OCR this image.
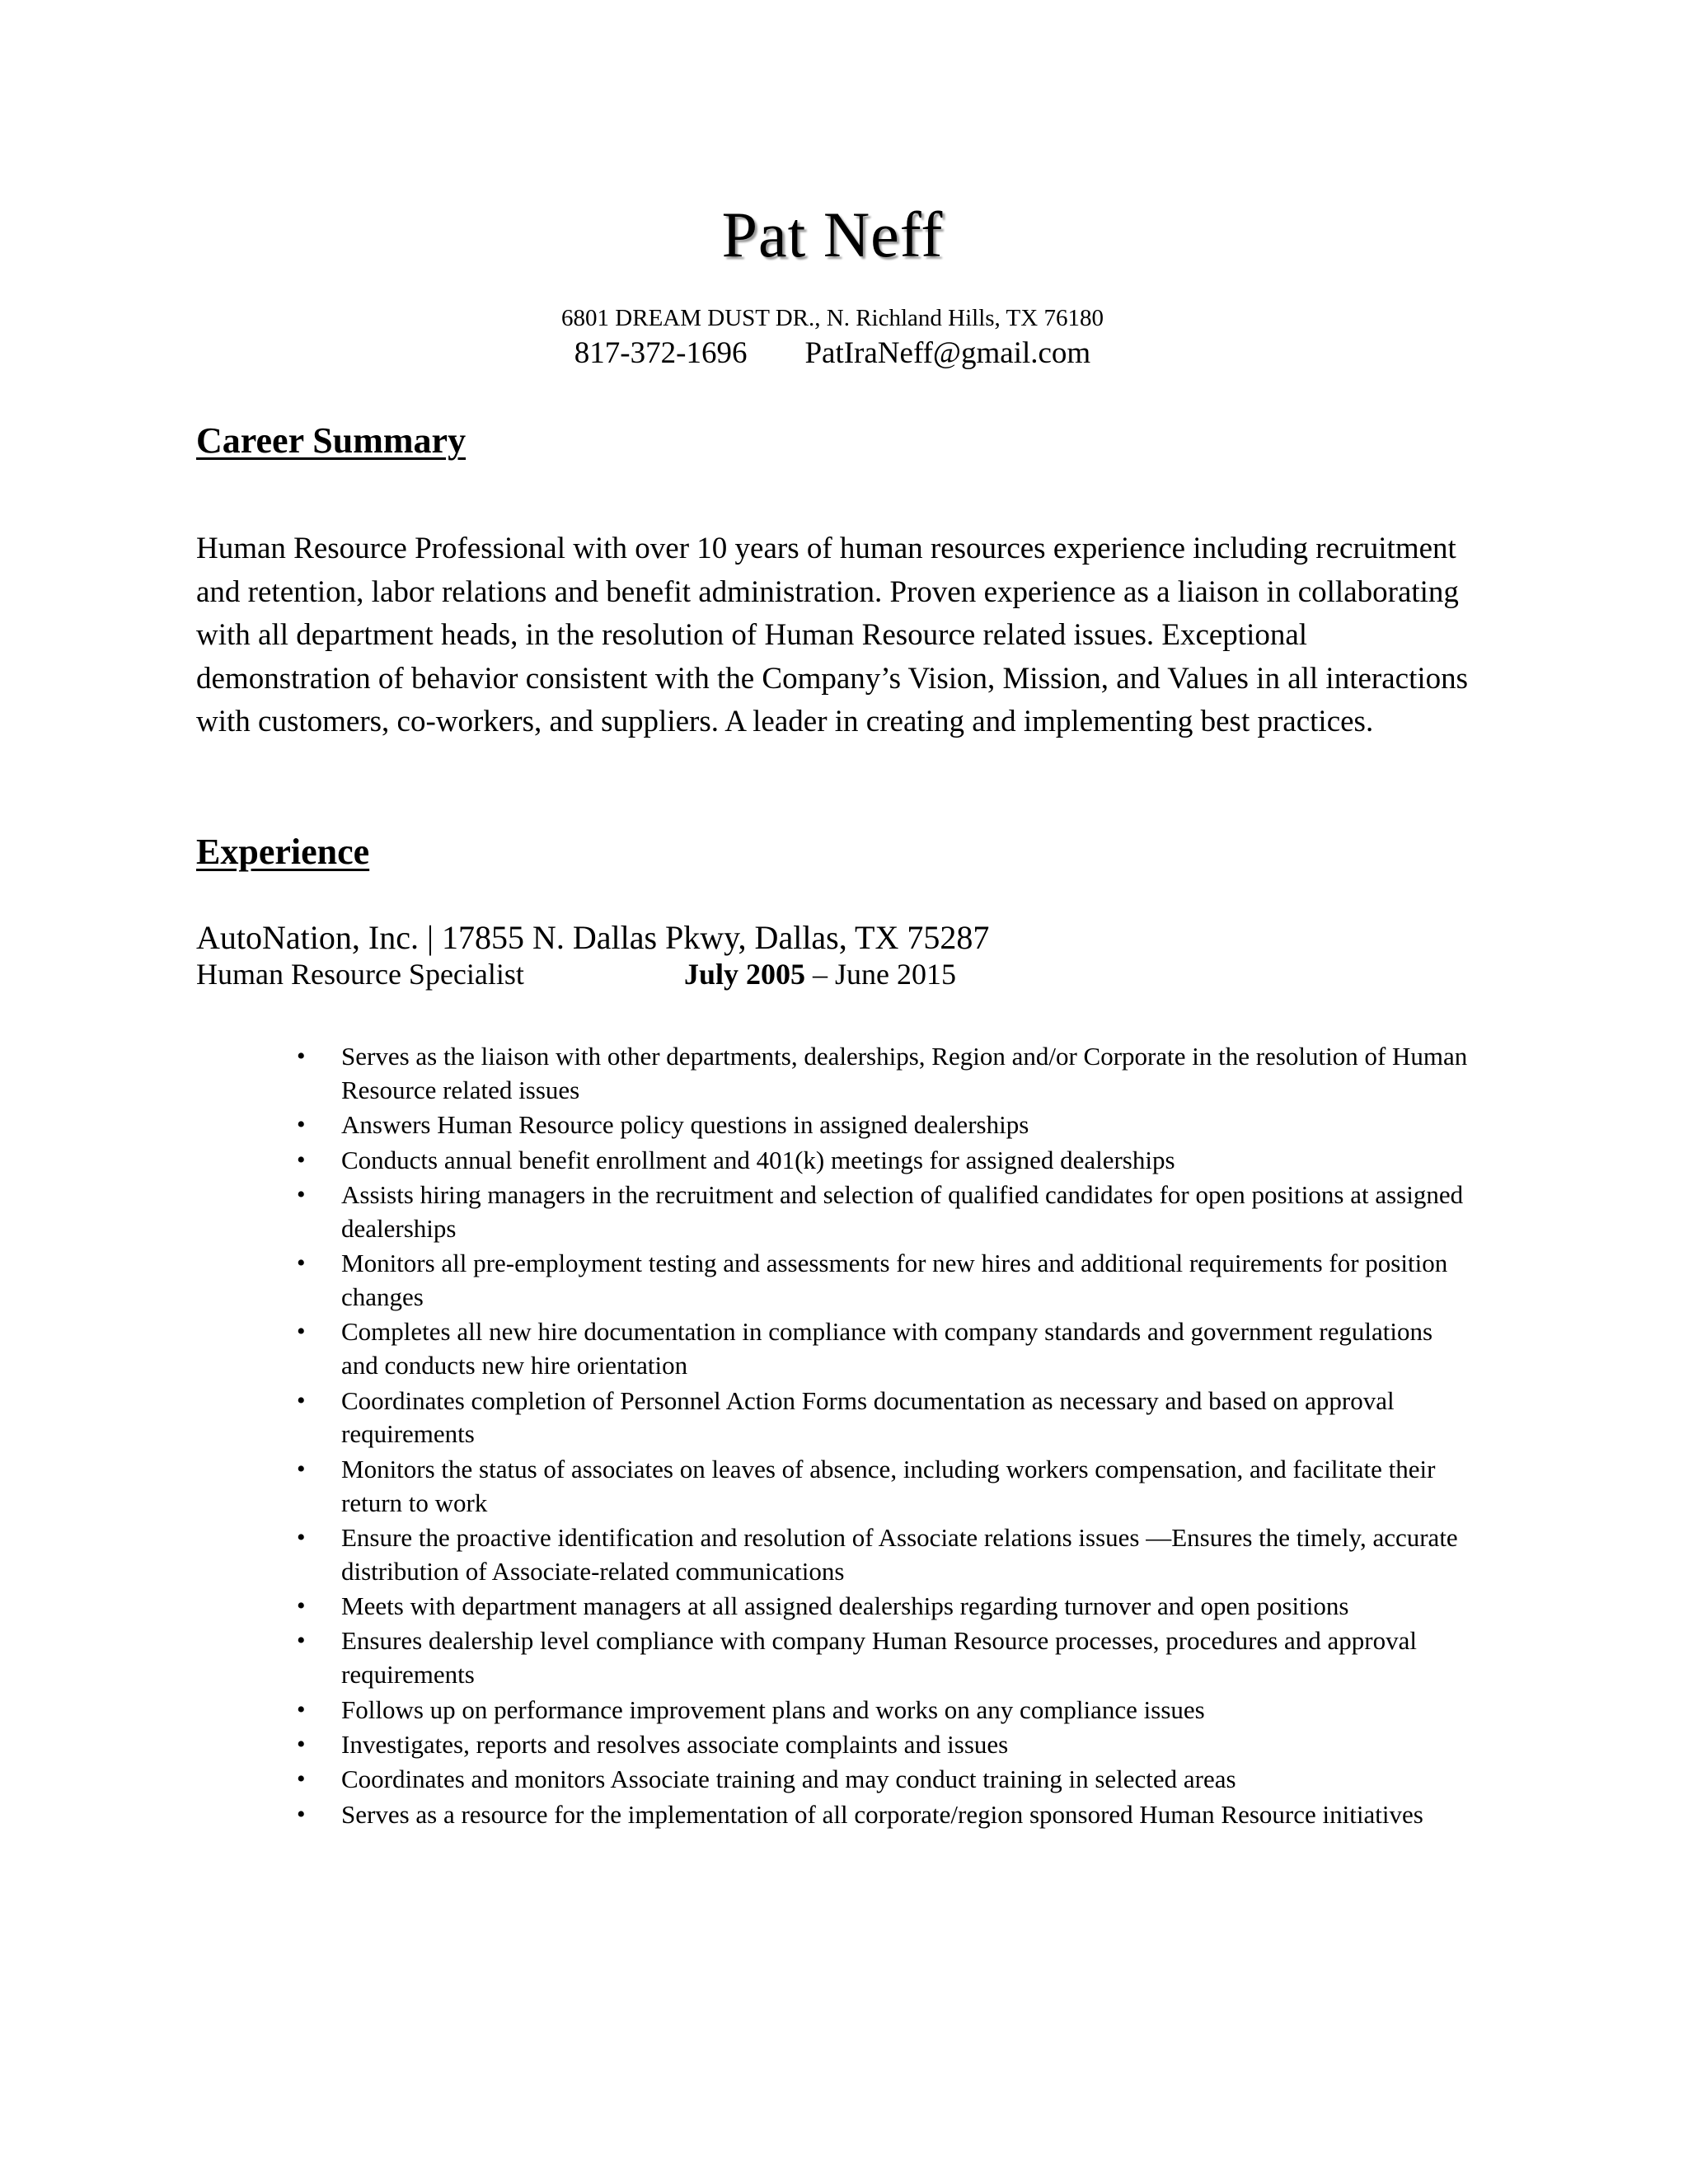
Pat Neff
6801 DREAM DUST DR., N. Richland Hills, TX 76180
817-372-1696 PatIraNeff@gmail.com
Career Summary
Human Resource Professional with over 10 years of human resources experience including recruitment and retention, labor relations and benefit administration. Proven experience as a liaison in collaborating with all department heads, in the resolution of Human Resource related issues. Exceptional demonstration of behavior consistent with the Company’s Vision, Mission, and Values in all interactions with customers, co-workers, and suppliers. A leader in creating and implementing best practices.
Experience
AutoNation, Inc. | 17855 N. Dallas Pkwy, Dallas, TX 75287
Human Resource Specialist	July 2005 – June 2015
• Serves as the liaison with other departments, dealerships, Region and/or Corporate in the resolution of Human Resource related issues
• Answers Human Resource policy questions in assigned dealerships
• Conducts annual benefit enrollment and 401(k) meetings for assigned dealerships
• Assists hiring managers in the recruitment and selection of qualified candidates for open positions at assigned dealerships
• Monitors all pre-employment testing and assessments for new hires and additional requirements for position changes
• Completes all new hire documentation in compliance with company standards and government regulations and conducts new hire orientation
• Coordinates completion of Personnel Action Forms documentation as necessary and based on approval requirements
• Monitors the status of associates on leaves of absence, including workers compensation, and facilitate their return to work
• Ensure the proactive identification and resolution of Associate relations issues —Ensures the timely, accurate distribution of Associate-related communications
• Meets with department managers at all assigned dealerships regarding turnover and open positions
• Ensures dealership level compliance with company Human Resource processes, procedures and approval requirements
• Follows up on performance improvement plans and works on any compliance issues
• Investigates, reports and resolves associate complaints and issues
• Coordinates and monitors Associate training and may conduct training in selected areas
• Serves as a resource for the implementation of all corporate/region sponsored Human Resource initiatives
